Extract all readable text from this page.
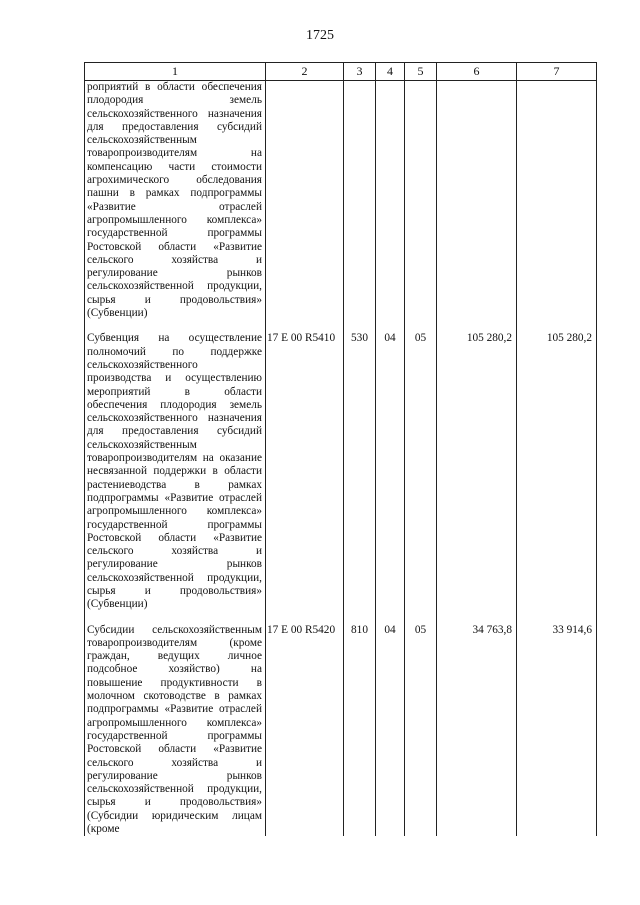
1725
1	2	3	4	5	6	7
роприятий в области обеспечения плодородия земель сельскохозяйственного назначения для предоставления субсидий сельскохозяйственным товаропроизводителям на компенсацию части стоимости агрохимического обследования пашни в рамках подпрограммы «Развитие отраслей агропромышленного комплекса» государственной программы Ростовской области «Развитие сельского хозяйства и регулирование рынков сельскохозяйственной продукции, сырья и продовольствия» (Субвенции)						

Субвенция на осуществление полномочий по поддержке сельскохозяйственного производства и осуществлению мероприятий в области обеспечения плодородия земель сельскохозяйственного назначения для предоставления субсидий сельскохозяйственным товаропроизводителям на оказание несвязанной поддержки в области растениеводства в рамках подпрограммы «Развитие отраслей агропромышленного комплекса» государственной программы Ростовской области «Развитие сельского хозяйства и регулирование рынков сельскохозяйственной продукции, сырья и продовольствия» (Субвенции)	17 Е 00 R5410	530	04	05	105 280,2	105 280,2

Субсидии сельскохозяйственным товаропроизводителям (кроме граждан, ведущих личное подсобное хозяйство) на повышение продуктивности в молочном скотоводстве в рамках подпрограммы «Развитие отраслей агропромышленного комплекса» государственной программы Ростовской области «Развитие сельского хозяйства и регулирование рынков сельскохозяйственной продукции, сырья и продовольствия» (Субсидии юридическим лицам (кроме	17 Е 00 R5420	810	04	05	34 763,8	33 914,6
